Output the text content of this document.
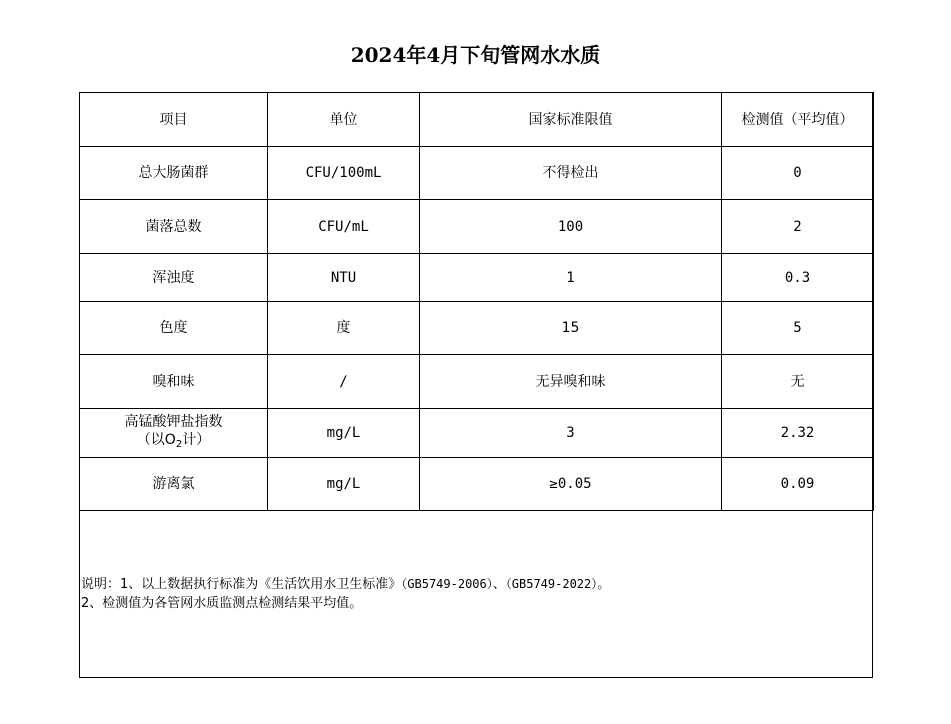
2024年4月下旬管网水水质
项目	单位	国家标准限值	检测值（平均值）
总大肠菌群	CFU/100mL	不得检出	0
菌落总数	CFU/mL	100	2
浑浊度	NTU	1	0.3
色度	度	15	5
嗅和味	/	无异嗅和味	无
高锰酸钾盐指数
（以$O_2$计）	mg/L	3	2.32
游离氯	mg/L	≥0.05	0.09
说明：1、以上数据执行标准为《生活饮用水卫生标准》（GB5749-2006）、（GB5749-2022）。
2、检测值为各管网水质监测点检测结果平均值。
